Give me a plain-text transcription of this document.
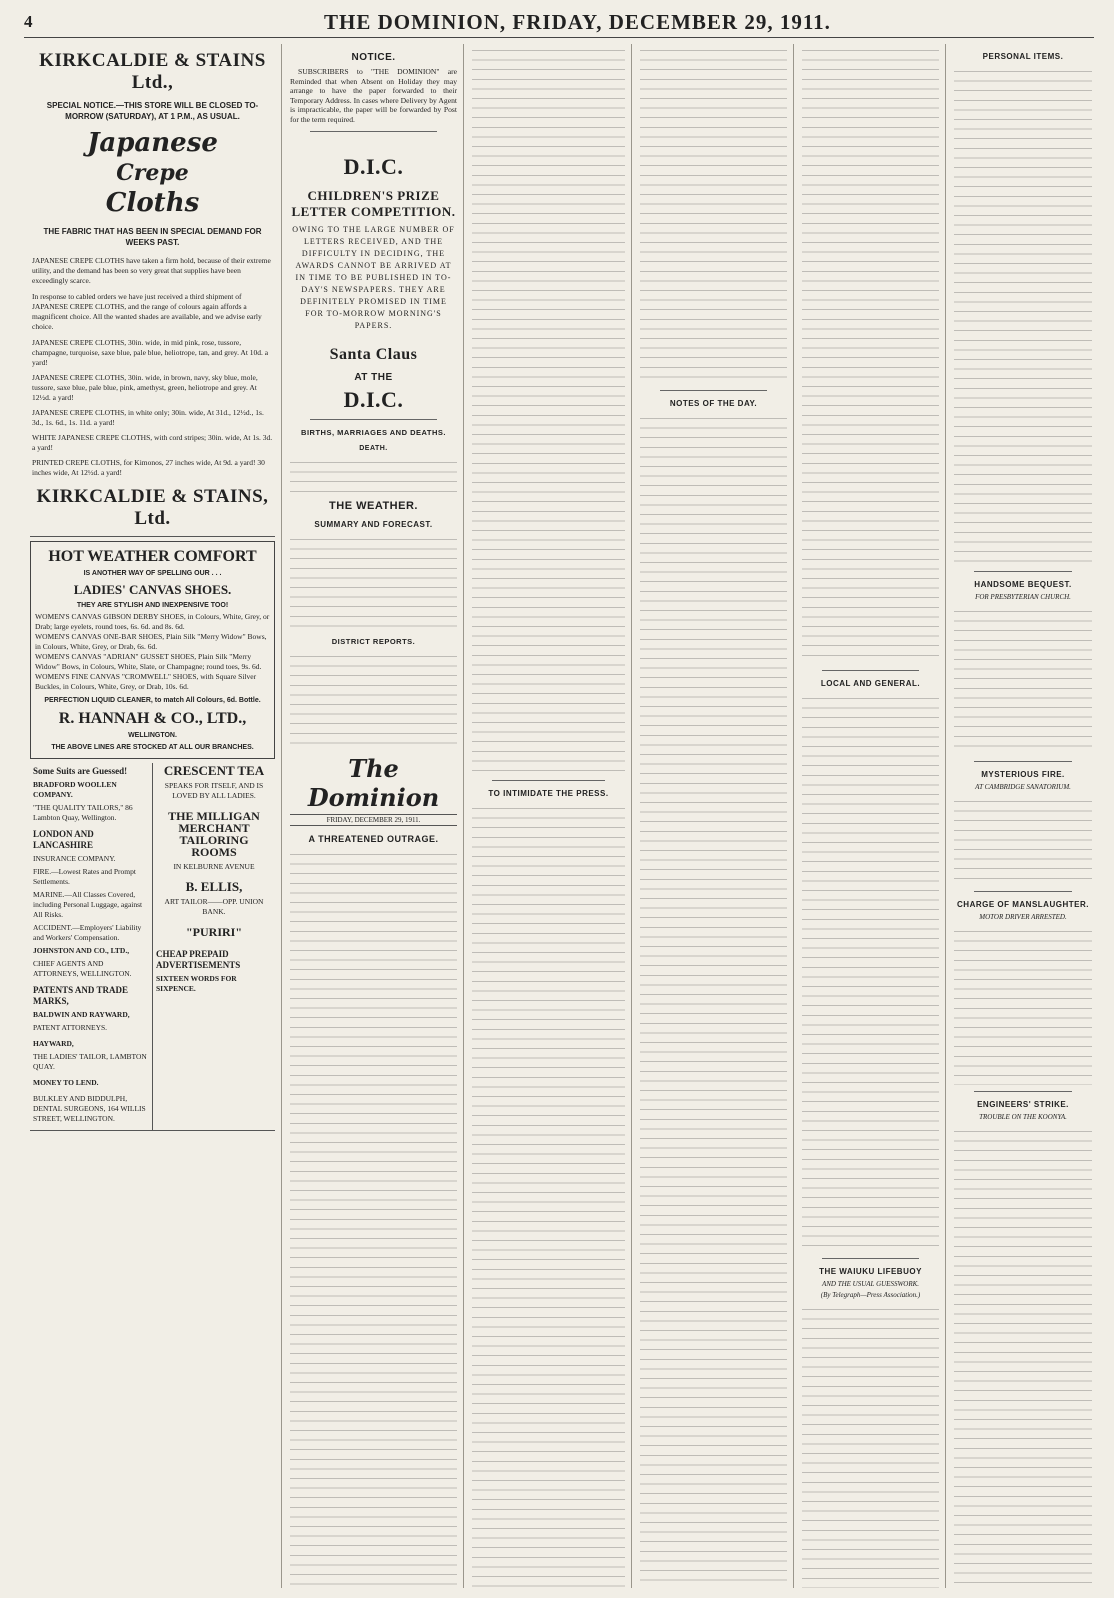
4	THE DOMINION, FRIDAY, DECEMBER 29, 1911.
KIRKCALDIE & STAINS Ltd.,
SPECIAL NOTICE.—THIS STORE WILL BE CLOSED TO-MORROW (SATURDAY), AT 1 P.M., AS USUAL.
Japanese
Crepe
Cloths
THE FABRIC THAT HAS BEEN IN SPECIAL DEMAND FOR WEEKS PAST.
JAPANESE CREPE CLOTHS have taken a firm hold, because of their extreme utility, and the demand has been so very great that supplies have been exceedingly scarce.
In response to cabled orders we have just received a third shipment of JAPANESE CREPE CLOTHS, and the range of colours again affords a magnificent choice. All the wanted shades are available, and we advise early choice.
JAPANESE CREPE CLOTHS, 30in. wide, in mid pink, rose, tussore, champagne, turquoise, saxe blue, pale blue, heliotrope, tan, and grey. At 10d. a yard!
JAPANESE CREPE CLOTHS, 30in. wide, in brown, navy, sky blue, mole, tussore, saxe blue, pale blue, pink, amethyst, green, heliotrope and grey. At 12½d. a yard!
JAPANESE CREPE CLOTHS, in white only; 30in. wide, At 31d., 12½d., 1s. 3d., 1s. 6d., 1s. 11d. a yard!
WHITE JAPANESE CREPE CLOTHS, with cord stripes; 30in. wide, At 1s. 3d. a yard!
PRINTED CREPE CLOTHS, for Kimonos, 27 inches wide, At 9d. a yard! 30 inches wide, At 12½d. a yard!
KIRKCALDIE & STAINS, Ltd.
HOT WEATHER COMFORT
IS ANOTHER WAY OF SPELLING OUR . . .
LADIES' CANVAS SHOES.
THEY ARE STYLISH AND INEXPENSIVE TOO!
WOMEN'S CANVAS GIBSON DERBY SHOES, in Colours, White, Grey, or Drab; large eyelets, round toes, 6s. 6d. and 8s. 6d.
WOMEN'S CANVAS ONE-BAR SHOES, Plain Silk "Merry Widow" Bows, in Colours, White, Grey, or Drab, 6s. 6d.
WOMEN'S CANVAS "ADRIAN" GUSSET SHOES, Plain Silk "Merry Widow" Bows, in Colours, White, Slate, or Champagne; round toes, 9s. 6d.
WOMEN'S FINE CANVAS "CROMWELL" SHOES, with Square Silver Buckles, in Colours, White, Grey, or Drab, 10s. 6d.
PERFECTION LIQUID CLEANER, to match All Colours, 6d. Bottle.
R. HANNAH & CO., LTD.,
WELLINGTON.
THE ABOVE LINES ARE STOCKED AT ALL OUR BRANCHES.
Some Suits are Guessed!
BRADFORD WOOLLEN COMPANY.
"THE QUALITY TAILORS," 86 Lambton Quay, Wellington.
LONDON AND LANCASHIRE
INSURANCE COMPANY.
FIRE.—Lowest Rates and Prompt Settlements.
MARINE.—All Classes Covered, including Personal Luggage, against All Risks.
ACCIDENT.—Employers' Liability and Workers' Compensation.
JOHNSTON AND CO., LTD.,
CHIEF AGENTS AND ATTORNEYS, WELLINGTON.
PATENTS AND TRADE MARKS,
BALDWIN AND RAYWARD,
PATENT ATTORNEYS.
HAYWARD,
THE LADIES' TAILOR, LAMBTON QUAY.
MONEY TO LEND.
BULKLEY AND BIDDULPH, DENTAL SURGEONS, 164 WILLIS STREET, WELLINGTON.
CRESCENT TEA
SPEAKS FOR ITSELF, AND IS LOVED BY ALL LADIES.
THE MILLIGAN MERCHANT TAILORING ROOMS
IN KELBURNE AVENUE
B. ELLIS,
ART TAILOR——OPP. UNION BANK.
"PURIRI"
CHEAP PREPAID ADVERTISEMENTS
SIXTEEN WORDS FOR SIXPENCE.
NOTICE.
SUBSCRIBERS to "THE DOMINION" are Reminded that when Absent on Holiday they may arrange to have the paper forwarded to their Temporary Address. In cases where Delivery by Agent is impracticable, the paper will be forwarded by Post for the term required.
D.I.C.
CHILDREN'S PRIZE LETTER COMPETITION.
OWING TO THE LARGE NUMBER OF LETTERS RECEIVED, AND THE DIFFICULTY IN DECIDING, THE AWARDS CANNOT BE ARRIVED AT IN TIME TO BE PUBLISHED IN TO-DAY'S NEWSPAPERS. THEY ARE DEFINITELY PROMISED IN TIME FOR TO-MORROW MORNING'S PAPERS.
Santa Claus
AT THE
D.I.C.
BIRTHS, MARRIAGES AND DEATHS.
DEATH.
THE WEATHER.
SUMMARY AND FORECAST.
DISTRICT REPORTS.
The Dominion
FRIDAY, DECEMBER 29, 1911.
A THREATENED OUTRAGE.
TO INTIMIDATE THE PRESS.
NOTES OF THE DAY.
LOCAL AND GENERAL.
THE WAIUKU LIFEBUOY
AND THE USUAL GUESSWORK.
(By Telegraph—Press Association.)
PERSONAL ITEMS.
HANDSOME BEQUEST.
FOR PRESBYTERIAN CHURCH.
MYSTERIOUS FIRE.
AT CAMBRIDGE SANATORIUM.
CHARGE OF MANSLAUGHTER.
MOTOR DRIVER ARRESTED.
ENGINEERS' STRIKE.
TROUBLE ON THE KOONYA.
